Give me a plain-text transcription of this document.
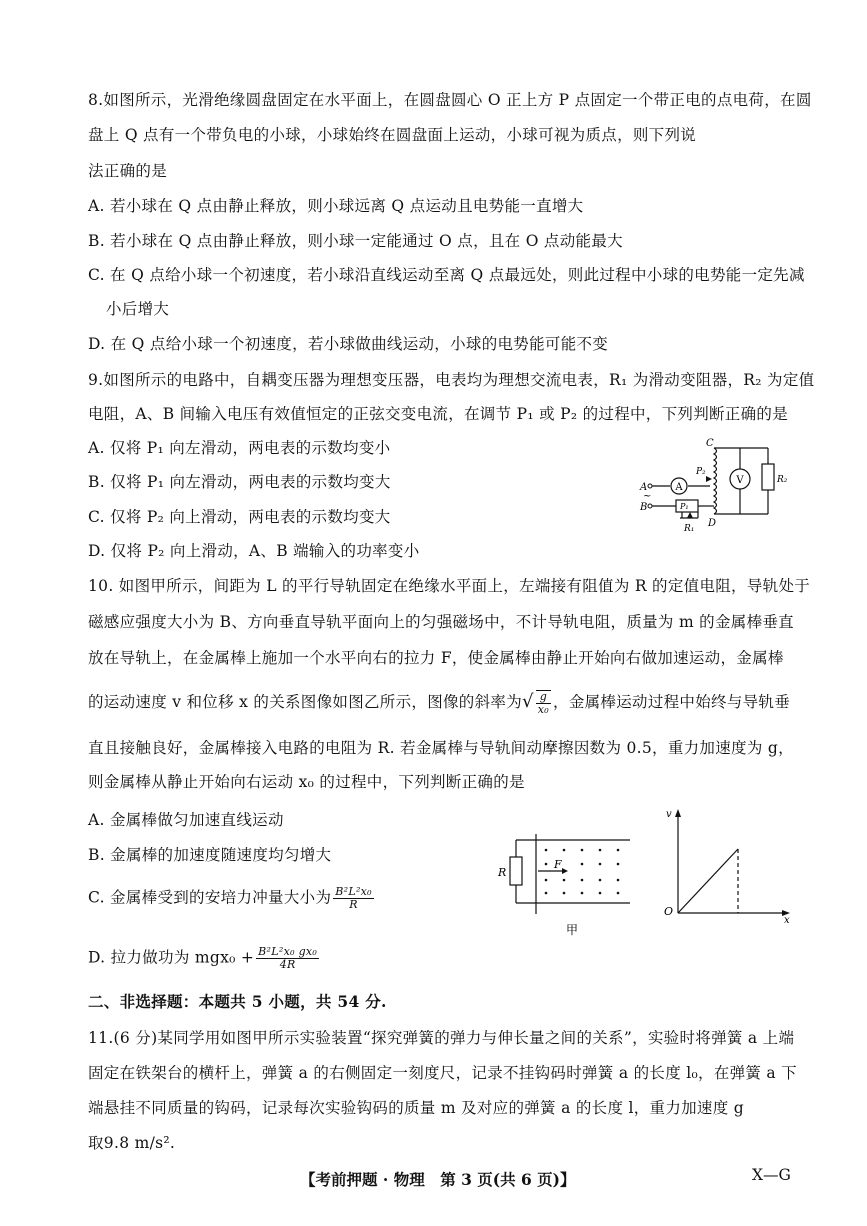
8.如图所示，光滑绝缘圆盘固定在水平面上，在圆盘圆心 O 正上方 P 点固定一个带正电的点电荷，在圆
盘上 Q 点有一个带负电的小球，小球始终在圆盘面上运动，小球可视为质点，则下列说
法正确的是
A. 若小球在 Q 点由静止释放，则小球远离 Q 点运动且电势能一直增大
B. 若小球在 Q 点由静止释放，则小球一定能通过 O 点，且在 O 点动能最大
C. 在 Q 点给小球一个初速度，若小球沿直线运动至离 Q 点最远处，则此过程中小球的电势能一定先减
小后增大
D. 在 Q 点给小球一个初速度，若小球做曲线运动，小球的电势能可能不变
9.如图所示的电路中，自耦变压器为理想变压器，电表均为理想交流电表，R₁ 为滑动变阻器，R₂ 为定值
电阻，A、B 间输入电压有效值恒定的正弦交变电流，在调节 P₁ 或 P₂ 的过程中，下列判断正确的是
A. 仅将 P₁ 向左滑动，两电表的示数均变小
B. 仅将 P₁ 向左滑动，两电表的示数均变大
C. 仅将 P₂ 向上滑动，两电表的示数均变大
D. 仅将 P₂ 向上滑动，A、B 端输入的功率变小
A
V
C
D
A
B
~
P₂
P₁
R₁
R₂
10. 如图甲所示，间距为 L 的平行导轨固定在绝缘水平面上，左端接有阻值为 R 的定值电阻，导轨处于
磁感应强度大小为 B、方向垂直导轨平面向上的匀强磁场中，不计导轨电阻，质量为 m 的金属棒垂直
放在导轨上，在金属棒上施加一个水平向右的拉力 F，使金属棒由静止开始向右做加速运动，金属棒
的运动速度 v 和位移 x 的关系图像如图乙所示，图像的斜率为√ $\frac{g}{\text{x₀}}$ ，金属棒运动过程中始终与导轨垂
直且接触良好，金属棒接入电路的电阻为 R. 若金属棒与导轨间动摩擦因数为 0.5，重力加速度为 g，
则金属棒从静止开始向右运动 x₀ 的过程中，下列判断正确的是
A. 金属棒做匀加速直线运动
B. 金属棒的加速度随速度均匀增大
C. 金属棒受到的安培力冲量大小为 $\frac{\text{B²L²x₀}}{R}$
D. 拉力做功为 $mgx_0 + \frac{\text{B²L²x₀ gx₀}}{4R}$
R
F
甲
v
O
x
二、非选择题：本题共 5 小题，共 54 分.
11.(6 分)某同学用如图甲所示实验装置“探究弹簧的弹力与伸长量之间的关系”，实验时将弹簧 a 上端
固定在铁架台的横杆上，弹簧 a 的右侧固定一刻度尺，记录不挂钩码时弹簧 a 的长度 l₀，在弹簧 a 下
端悬挂不同质量的钩码，记录每次实验钩码的质量 m 及对应的弹簧 a 的长度 l，重力加速度 g
取9.8 m/s².
【考前押题 · 物理　第 3 页(共 6 页)】	X—G
